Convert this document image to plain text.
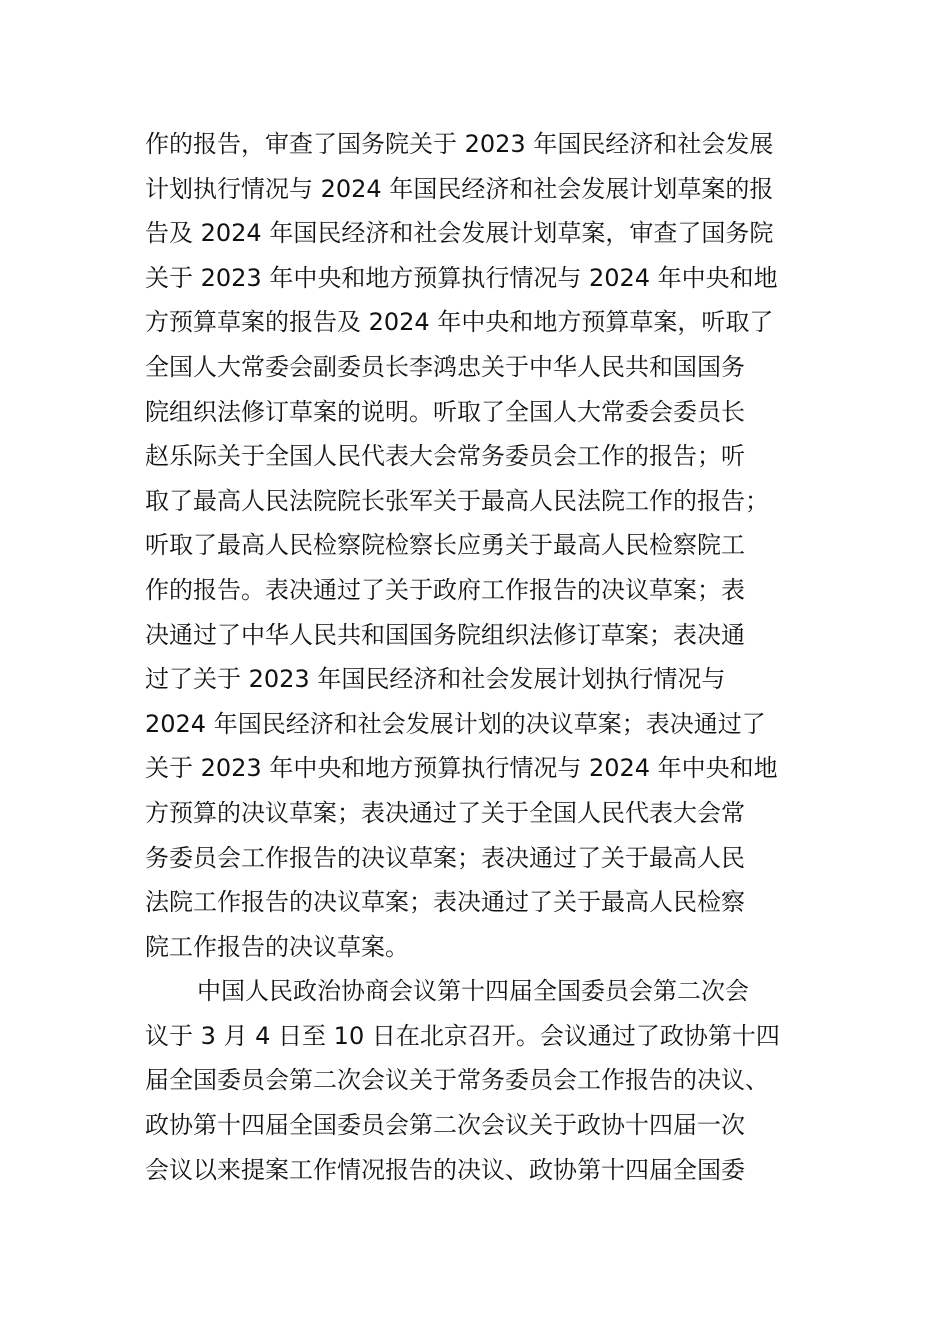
作的报告，审查了国务院关于 2023 年国民经济和社会发展
计划执行情况与 2024 年国民经济和社会发展计划草案的报
告及 2024 年国民经济和社会发展计划草案，审查了国务院
关于 2023 年中央和地方预算执行情况与 2024 年中央和地
方预算草案的报告及 2024 年中央和地方预算草案，听取了
全国人大常委会副委员长李鸿忠关于中华人民共和国国务
院组织法修订草案的说明。听取了全国人大常委会委员长
赵乐际关于全国人民代表大会常务委员会工作的报告；听
取了最高人民法院院长张军关于最高人民法院工作的报告；
听取了最高人民检察院检察长应勇关于最高人民检察院工
作的报告。表决通过了关于政府工作报告的决议草案；表
决通过了中华人民共和国国务院组织法修订草案；表决通
过了关于 2023 年国民经济和社会发展计划执行情况与
2024 年国民经济和社会发展计划的决议草案；表决通过了
关于 2023 年中央和地方预算执行情况与 2024 年中央和地
方预算的决议草案；表决通过了关于全国人民代表大会常
务委员会工作报告的决议草案；表决通过了关于最高人民
法院工作报告的决议草案；表决通过了关于最高人民检察
院工作报告的决议草案。
中国人民政治协商会议第十四届全国委员会第二次会
议于 3 月 4 日至 10 日在北京召开。会议通过了政协第十四
届全国委员会第二次会议关于常务委员会工作报告的决议、
政协第十四届全国委员会第二次会议关于政协十四届一次
会议以来提案工作情况报告的决议、政协第十四届全国委
